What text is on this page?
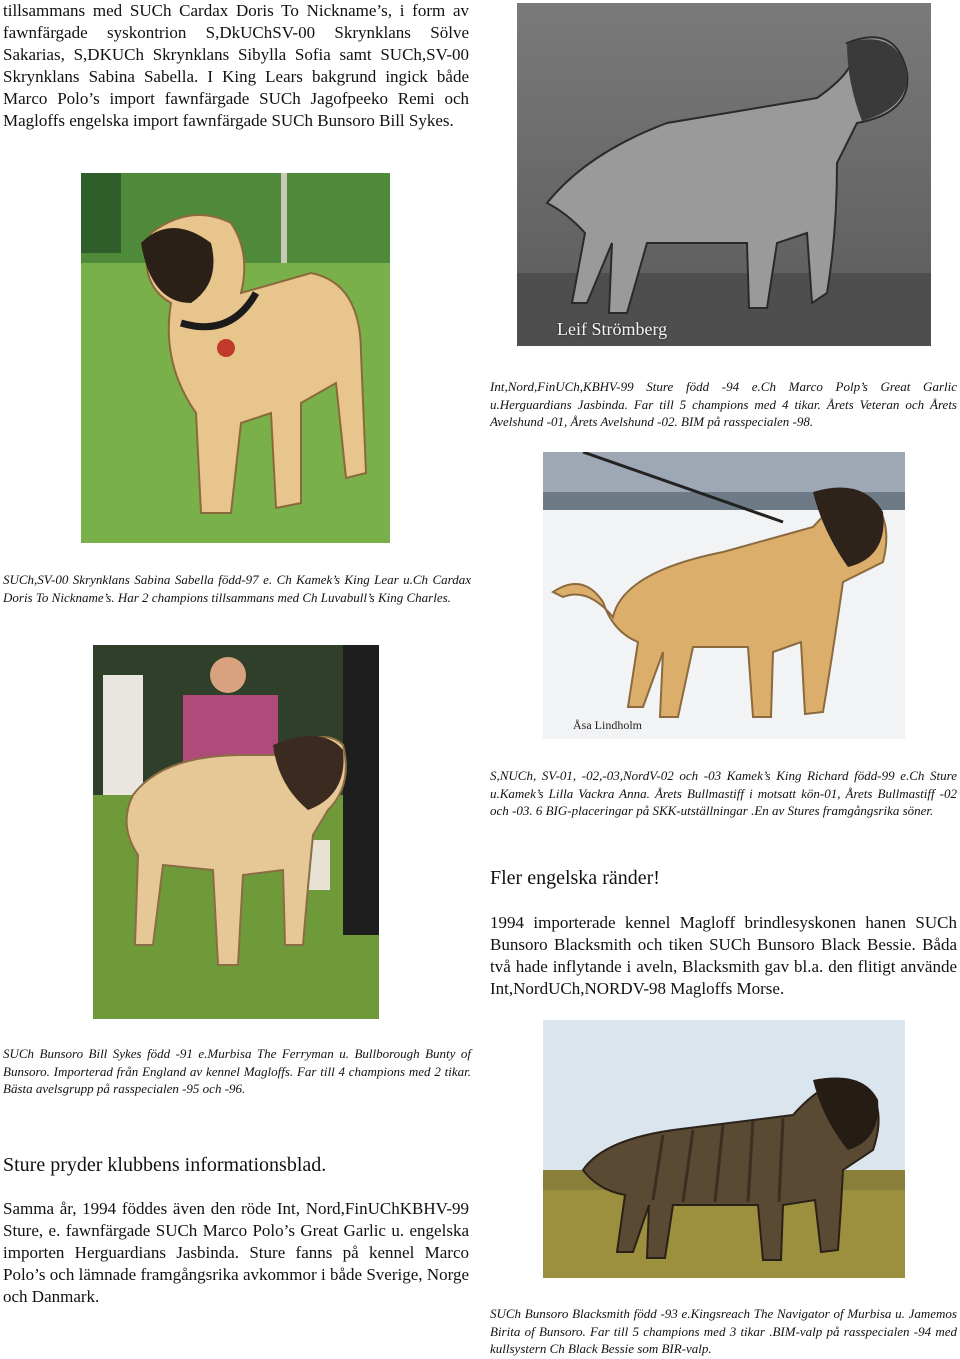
tillsammans med SUCh Cardax Doris To Nickname’s, i form av fawnfärgade syskontrion S,DkUChSV-00 Skrynklans Sölve Sakarias, S,DKUCh Skrynklans Sibylla Sofia samt SUCh,SV-00 Skrynklans Sabina Sabella. I King Lears bakgrund ingick både Marco Polo’s import fawnfärgade SUCh Jagofpeeko Remi och Magloffs engelska import fawnfärgade SUCh Bunsoro Bill Sykes.
Leif Strömberg
Int,Nord,FinUCh,KBHV-99 Sture född -94 e.Ch Marco Polp’s Great Garlic u.Herguardians Jasbinda. Far till 5 champions med 4 tikar. Årets Veteran och Årets Avelshund -01, Årets Avelshund -02. BIM på rasspecialen -98.
Åsa Lindholm
SUCh,SV-00 Skrynklans Sabina Sabella född-97 e. Ch Kamek’s King Lear u.Ch Cardax Doris To Nickname’s. Har 2 champions tillsammans med Ch Luvabull’s King Charles.
S,NUCh, SV-01, -02,-03,NordV-02 och -03 Kamek’s King Richard född-99 e.Ch Sture u.Kamek’s Lilla Vackra Anna. Årets Bullmastiff i motsatt kön-01, Årets Bullmastiff -02 och -03. 6 BIG-placeringar på SKK-utställningar .En av Stures framgångsrika söner.
Fler engelska ränder!
1994 importerade kennel Magloff brindlesyskonen hanen SUCh Bunsoro Blacksmith och tiken SUCh Bunsoro Black Bessie. Båda två hade inflytande i aveln, Blacksmith gav bl.a. den flitigt använde Int,NordUCh,NORDV-98 Magloffs Morse.
SUCh Bunsoro Bill Sykes född -91 e.Murbisa The Ferryman u. Bullborough Bunty of Bunsoro. Importerad från England av kennel Magloffs. Far till 4 champions med 2 tikar. Bästa avelsgrupp på rasspecialen -95 och -96.
Sture pryder klubbens informationsblad.
Samma år, 1994 föddes även den röde Int, Nord,FinUChKBHV-99 Sture, e. fawnfärgade SUCh Marco Polo’s Great Garlic u. engelska importen Herguardians Jasbinda. Sture fanns på kennel Marco Polo’s och lämnade framgångsrika avkommor i både Sverige, Norge och Danmark.
SUCh Bunsoro Blacksmith född -93 e.Kingsreach The Navigator of Murbisa u. Jamemos Birita of Bunsoro. Far till 5 champions med 3 tikar .BIM-valp på rasspecialen -94 med kullsystern Ch Black Bessie som BIR-valp.
